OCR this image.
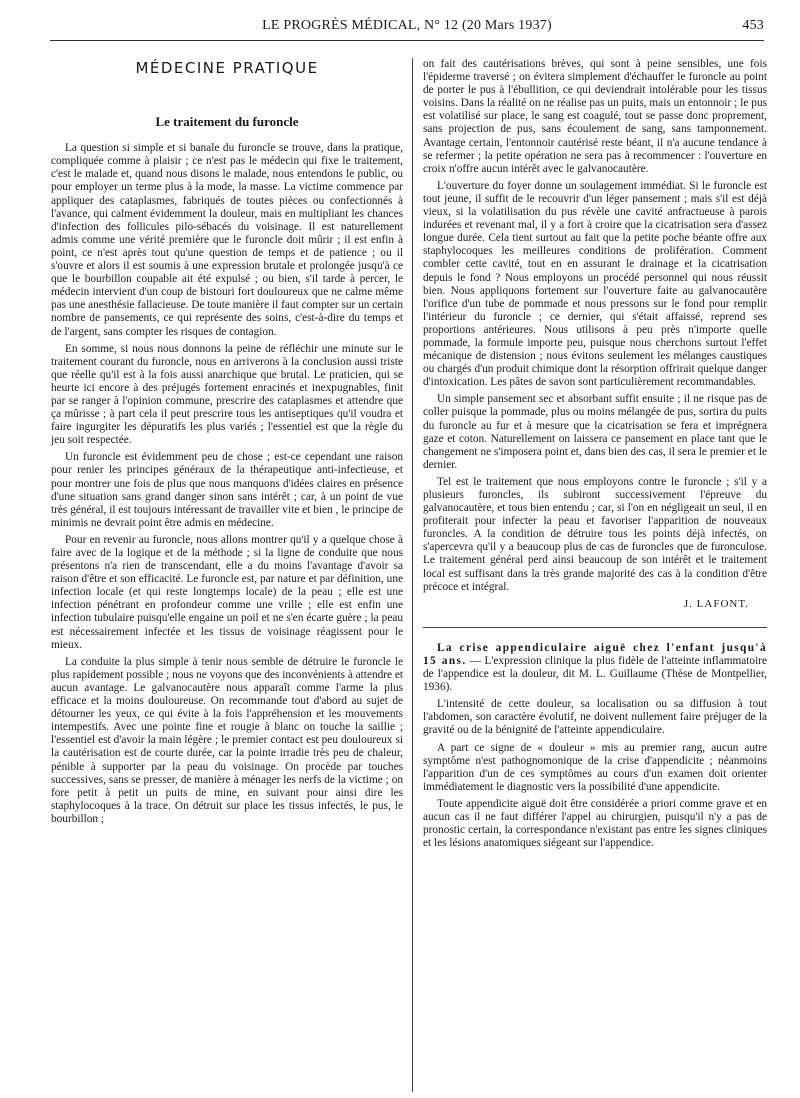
LE PROGRÈS MÉDICAL, N° 12 (20 Mars 1937)	453
MÉDECINE PRATIQUE
Le traitement du furoncle

La question si simple et si banale du furoncle se trouve, dans la pratique, compliquée comme à plaisir ; ce n'est pas le médecin qui fixe le traitement, c'est le malade et, quand nous disons le malade, nous entendons le public, ou pour employer un terme plus à la mode, la masse. La victime commence par appliquer des cataplasmes, fabriqués de toutes pièces ou confectionnés à l'avance, qui calment évidemment la douleur, mais en multipliant les chances d'infection des follicules pilo-sébacés du voisinage. Il est naturellement admis comme une vérité première que le furoncle doit mûrir ; il est enfin à point, ce n'est après tout qu'une question de temps et de patience ; ou il s'ouvre et alors il est soumis à une expression brutale et prolongée jusqu'à ce que le bourbillon coupable ait été expulsé ; ou bien, s'il tarde à percer, le médecin intervient d'un coup de bistouri fort douloureux que ne calme même pas une anesthésie fallacieuse. De toute manière il faut compter sur un certain nombre de pansements, ce qui représente des soins, c'est-à-dire du temps et de l'argent, sans compter les risques de contagion.

En somme, si nous nous donnons la peine de réfléchir une minute sur le traitement courant du furoncle, nous en arriverons à la conclusion aussi triste que réelle qu'il est à la fois aussi anarchique que brutal. Le praticien, qui se heurte ici encore à des préjugés fortement enracinés et inexpugnables, finit par se ranger à l'opinion commune, prescrire des cataplasmes et attendre que ça mûrisse ; à part cela il peut prescrire tous les antiseptiques qu'il voudra et faire ingurgiter les dépuratifs les plus variés ; l'essentiel est que la règle du jeu soit respectée.

Un furoncle est évidemment peu de chose ; est-ce cependant une raison pour renier les principes généraux de la thérapeutique anti-infectieuse, et pour montrer une fois de plus que nous manquons d'idées claires en présence d'une situation sans grand danger sinon sans intérêt ; car, à un point de vue très général, il est toujours intéressant de travailler vite et bien , le principe de minimis ne devrait point être admis en médecine.

Pour en revenir au furoncle, nous allons montrer qu'il y a quelque chose à faire avec de la logique et de la méthode ; si la ligne de conduite que nous présentons n'a rien de transcendant, elle a du moins l'avantage d'avoir sa raison d'être et son efficacité. Le furoncle est, par nature et par définition, une infection locale (et qui reste longtemps locale) de la peau ; elle est une infection pénétrant en profondeur comme une vrille ; elle est enfin une infection tubulaire puisqu'elle engaine un poil et ne s'en écarte guère ; la peau est nécessairement infectée et les tissus de voisinage réagissent pour le mieux.

La conduite la plus simple à tenir nous semble de détruire le furoncle le plus rapidement possible ; nous ne voyons que des inconvénients à attendre et aucun avantage. Le galvanocautère nous apparaît comme l'arme la plus efficace et la moins douloureuse. On recommande tout d'abord au sujet de détourner les yeux, ce qui évite à la fois l'appréhension et les mouvements intempestifs. Avec une pointe fine et rougie à blanc on touche la saillie ; l'essentiel est d'avoir la main légère ; le premier contact est peu douloureux si la cautérisation est de courte durée, car la pointe irradie très peu de chaleur, pénible à supporter par la peau du voisinage. On procède par touches successives, sans se presser, de manière à ménager les nerfs de la victime ; on fore petit à petit un puits de mine, en suivant pour ainsi dire les staphylocoques à la trace. On détruit sur place les tissus infectés, le pus, le bourbillon ;

on fait des cautérisations brèves, qui sont à peine sensibles, une fois l'épiderme traversé ; on évitera simplement d'échauffer le furoncle au point de porter le pus à l'ébullition, ce qui deviendrait intolérable pour les tissus voisins. Dans la réalité on ne réalise pas un puits, mais un entonnoir ; le pus est volatilisé sur place, le sang est coagulé, tout se passe donc proprement, sans projection de pus, sans écoulement de sang, sans tamponnement. Avantage certain, l'entonnoir cautérisé reste béant, il n'a aucune tendance à se refermer ; la petite opération ne sera pas à recommencer : l'ouverture en croix n'offre aucun intérêt avec le galvanocautère.

L'ouverture du foyer donne un soulagement immédiat. Si le furoncle est tout jeune, il suffit de le recouvrir d'un léger pansement ; mais s'il est déjà vieux, si la volatilisation du pus révèle une cavité anfractueuse à parois indurées et revenant mal, il y a fort à croire que la cicatrisation sera d'assez longue durée. Cela tient surtout au fait que la petite poche béante offre aux staphylocoques les meilleures conditions de prolifération. Comment combler cette cavité, tout en en assurant le drainage et la cicatrisation depuis le fond ? Nous employons un procédé personnel qui nous réussit bien. Nous appliquons fortement sur l'ouverture faite au galvanocautère l'orifice d'un tube de pommade et nous pressons sur le fond pour remplir l'intérieur du furoncle ; ce dernier, qui s'était affaissé, reprend ses proportions antérieures. Nous utilisons à peu près n'importe quelle pommade, la formule importe peu, puisque nous cherchons surtout l'effet mécanique de distension ; nous évitons seulement les mélanges caustiques ou chargés d'un produit chimique dont la résorption offrirait quelque danger d'intoxication. Les pâtes de savon sont particulièrement recommandables.

Un simple pansement sec et absorbant suffit ensuite ; il ne risque pas de coller puisque la pommade, plus ou moins mélangée de pus, sortira du puits du furoncle au fur et à mesure que la cicatrisation se fera et imprégnera gaze et coton. Naturellement on laissera ce pansement en place tant que le changement ne s'imposera point et, dans bien des cas, il sera le premier et le dernier.

Tel est le traitement que nous employons contre le furoncle ; s'il y a plusieurs furoncles, ils subiront successivement l'épreuve du galvanocautère, et tous bien entendu ; car, si l'on en négligeait un seul, il en profiterait pour infecter la peau et favoriser l'apparition de nouveaux furoncles. A la condition de détruire tous les points déjà infectés, on s'apercevra qu'il y a beaucoup plus de cas de furoncles que de furonculose. Le traitement général perd ainsi beaucoup de son intérêt et le traitement local est suffisant dans la très grande majorité des cas à la condition d'être précoce et intégral.

J. LAFONT.

La crise appendiculaire aiguë chez l'enfant jusqu'à 15 ans. — L'expression clinique la plus fidèle de l'atteinte inflammatoire de l'appendice est la douleur, dit M. L. Guillaume (Thèse de Montpellier, 1936).

L'intensité de cette douleur, sa localisation ou sa diffusion à tout l'abdomen, son caractère évolutif, ne doivent nullement faire préjuger de la gravité ou de la bénignité de l'atteinte appendiculaire.

A part ce signe de « douleur » mis au premier rang, aucun autre symptôme n'est pathognomonique de la crise d'appendicite ; néanmoins l'apparition d'un de ces symptômes au cours d'un examen doit orienter immédiatement le diagnostic vers la possibilité d'une appendicite.

Toute appendicite aiguë doit être considérée a priori comme grave et en aucun cas il ne faut différer l'appel au chirurgien, puisqu'il n'y a pas de pronostic certain, la correspondance n'existant pas entre les signes cliniques et les lésions anatomiques siégeant sur l'appendice.
